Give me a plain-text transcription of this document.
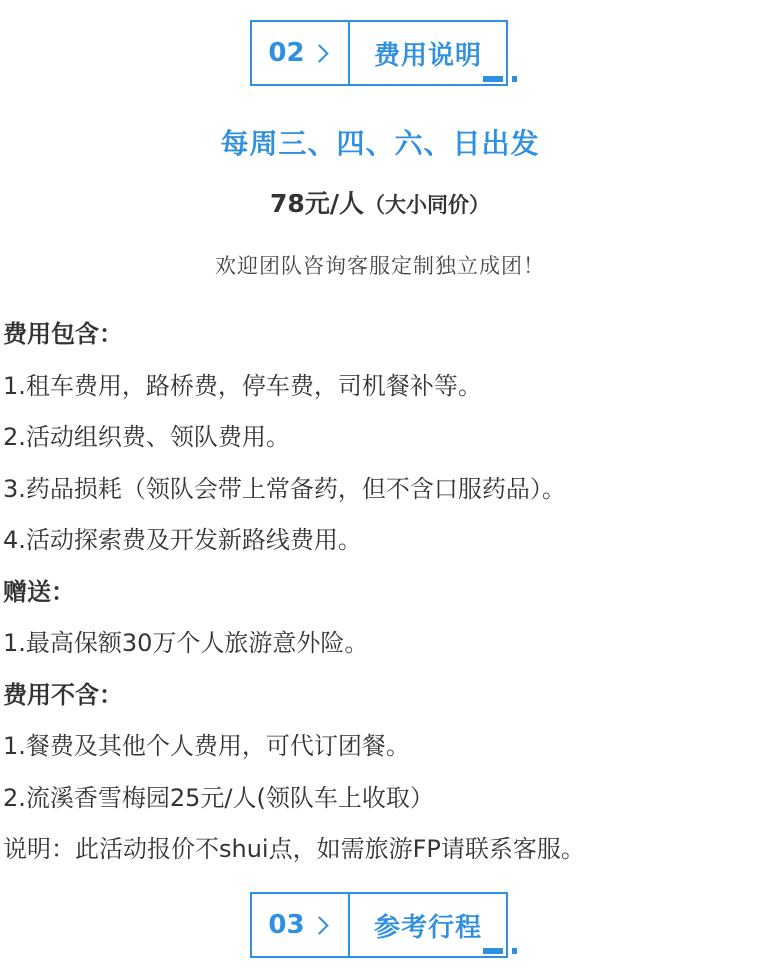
02	费用说明
每周三、四、六、日出发
78元/人（大小同价）
欢迎团队咨询客服定制独立成团！
费用包含：
1.租车费用，路桥费，停车费，司机餐补等。
2.活动组织费、领队费用。
3.药品损耗（领队会带上常备药，但不含口服药品）。
4.活动探索费及开发新路线费用。
赠送：
1.最高保额30万个人旅游意外险。
费用不含：
1.餐费及其他个人费用，可代订团餐。
2.流溪香雪梅园25元/人(领队车上收取）
说明：此活动报价不shui点，如需旅游FP请联系客服。
03	参考行程
